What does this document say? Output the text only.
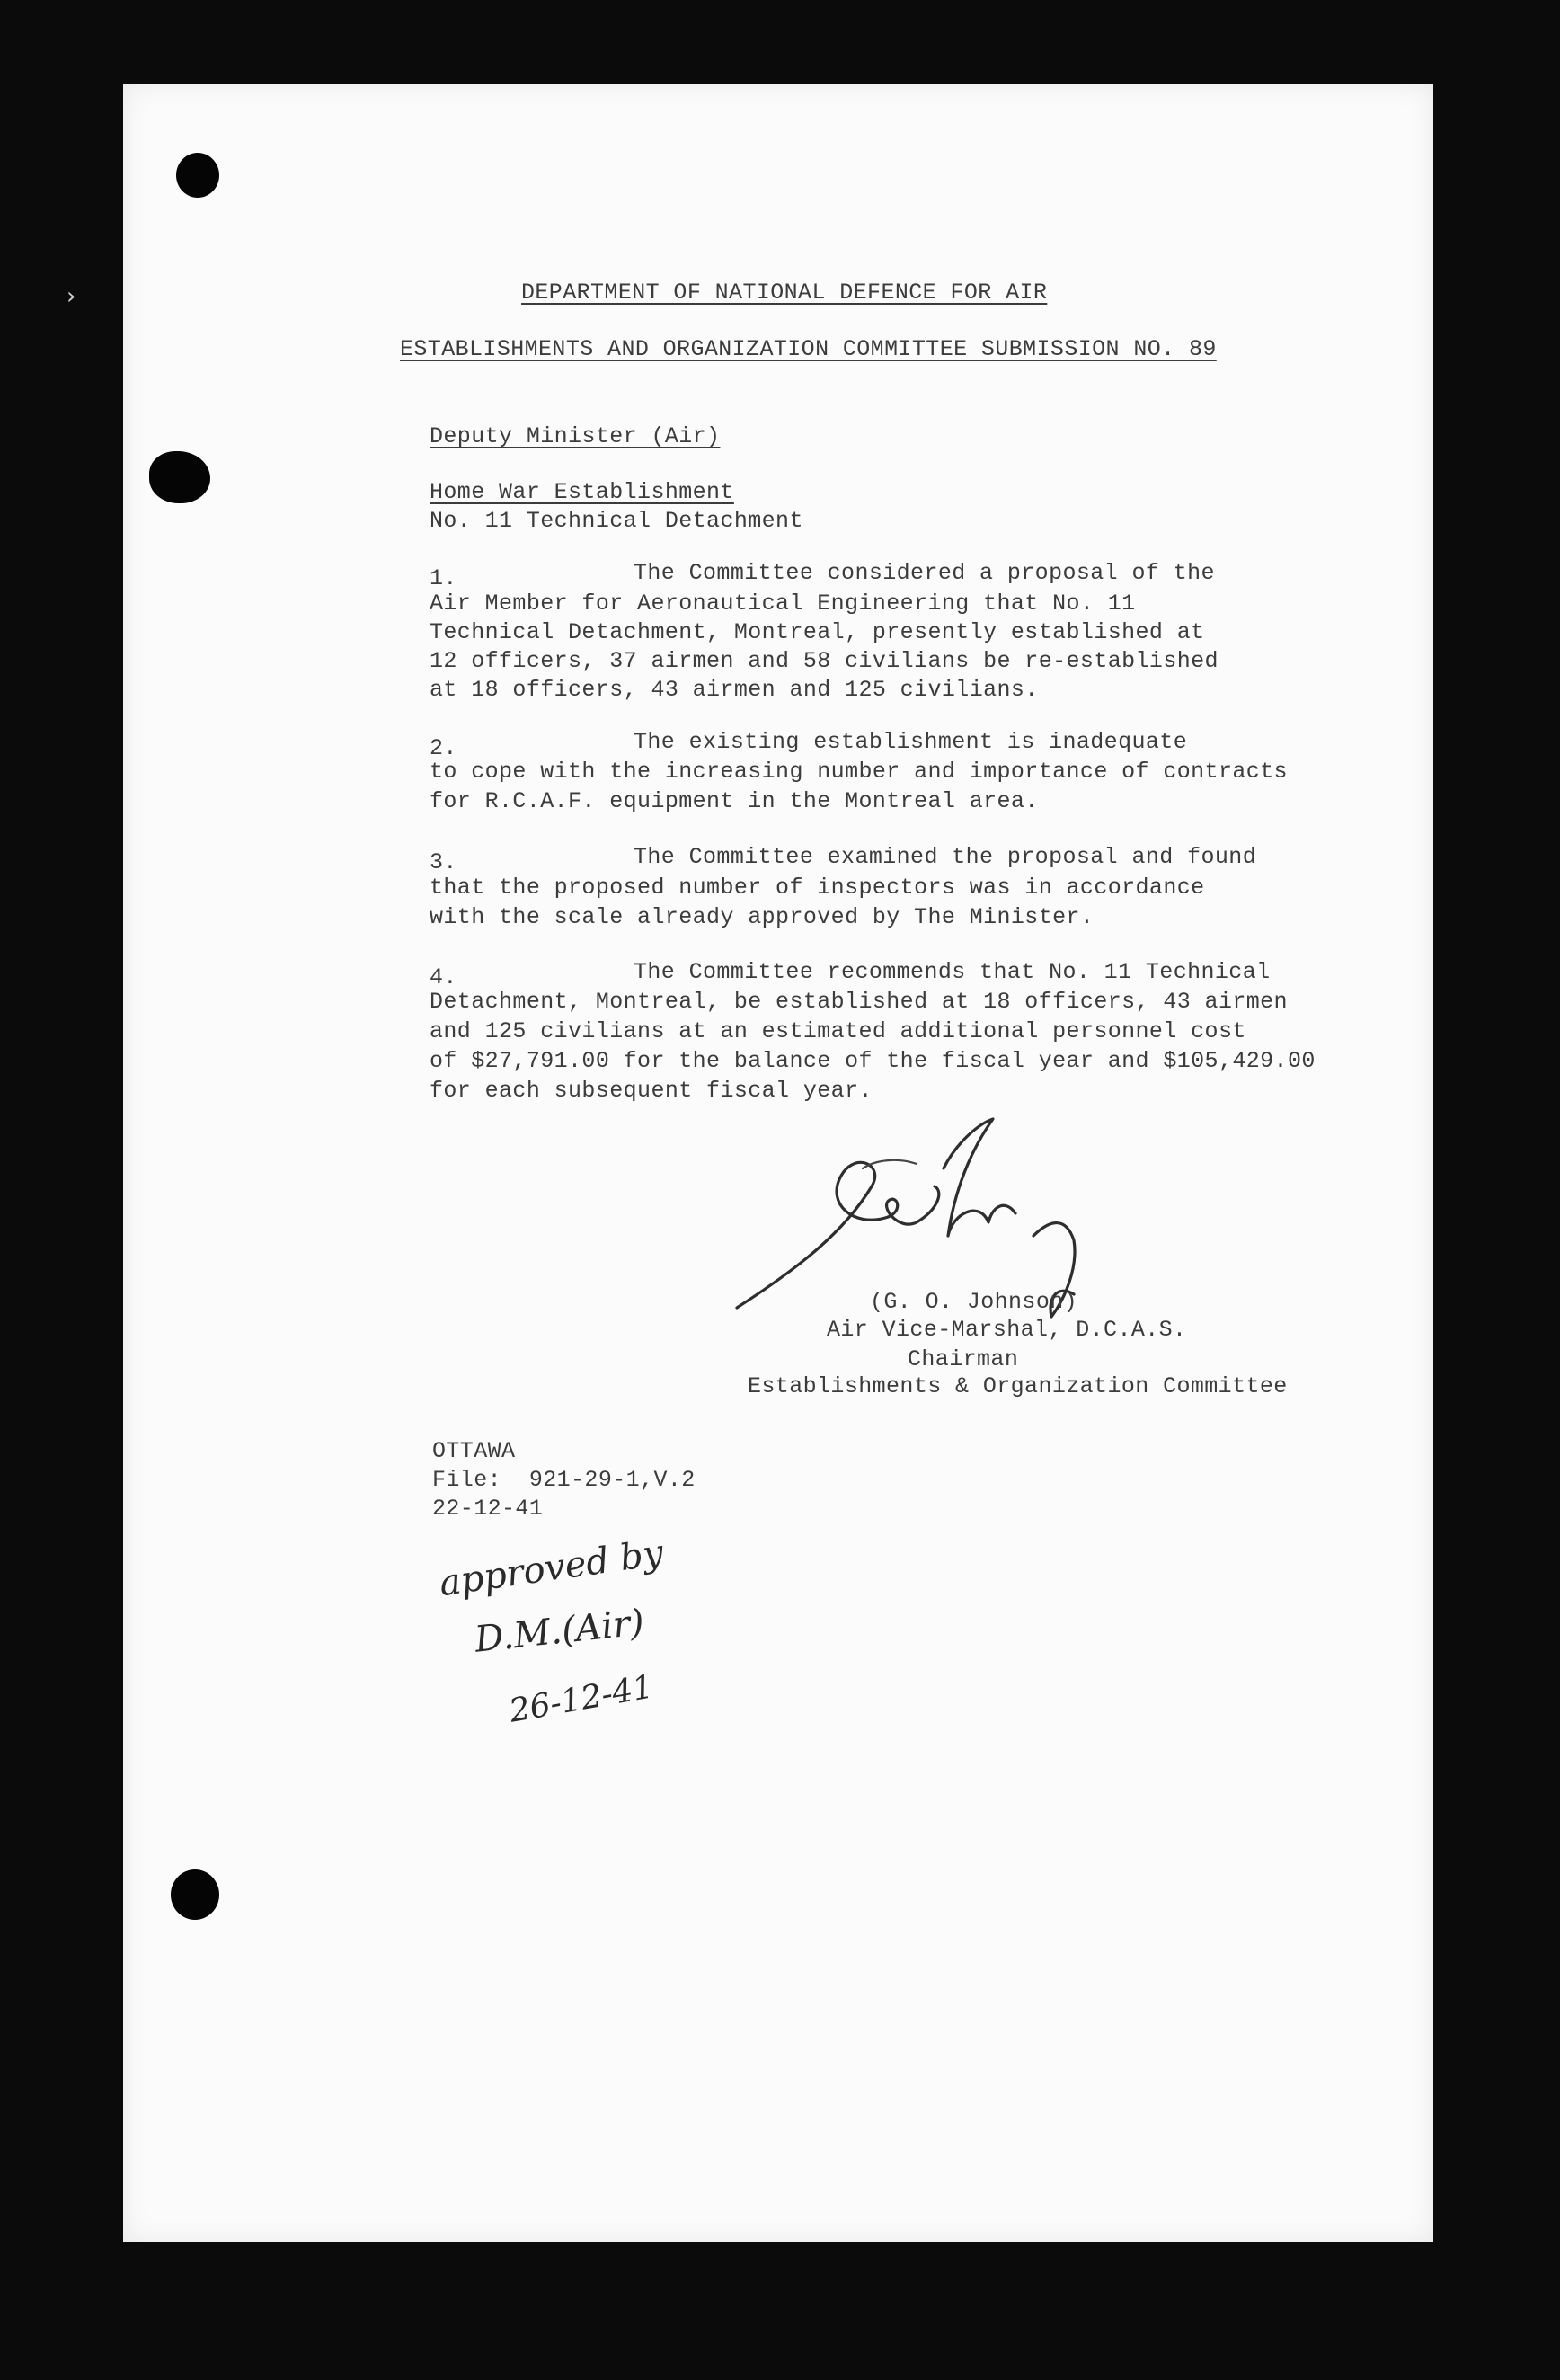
›	DEPARTMENT OF NATIONAL DEFENCE FOR AIR
ESTABLISHMENTS AND ORGANIZATION COMMITTEE SUBMISSION NO. 89
Deputy Minister (Air)
Home War Establishment
No. 11 Technical Detachment
1.	The Committee considered a proposal of the
Air Member for Aeronautical Engineering that No. 11
Technical Detachment, Montreal, presently established at
12 officers, 37 airmen and 58 civilians be re-established
at 18 officers, 43 airmen and 125 civilians.
2.	The existing establishment is inadequate
to cope with the increasing number and importance of contracts
for R.C.A.F. equipment in the Montreal area.
3.	The Committee examined the proposal and found
that the proposed number of inspectors was in accordance
with the scale already approved by The Minister.
4.	The Committee recommends that No. 11 Technical
Detachment, Montreal, be established at 18 officers, 43 airmen
and 125 civilians at an estimated additional personnel cost
of $27,791.00 for the balance of the fiscal year and $105,429.00
for each subsequent fiscal year.
(G. O. Johnson)
Air Vice-Marshal, D.C.A.S.
Chairman
Establishments & Organization Committee
OTTAWA
File:  921-29-1,V.2
22-12-41
approved by
D.M.(Air)
26-12-41
